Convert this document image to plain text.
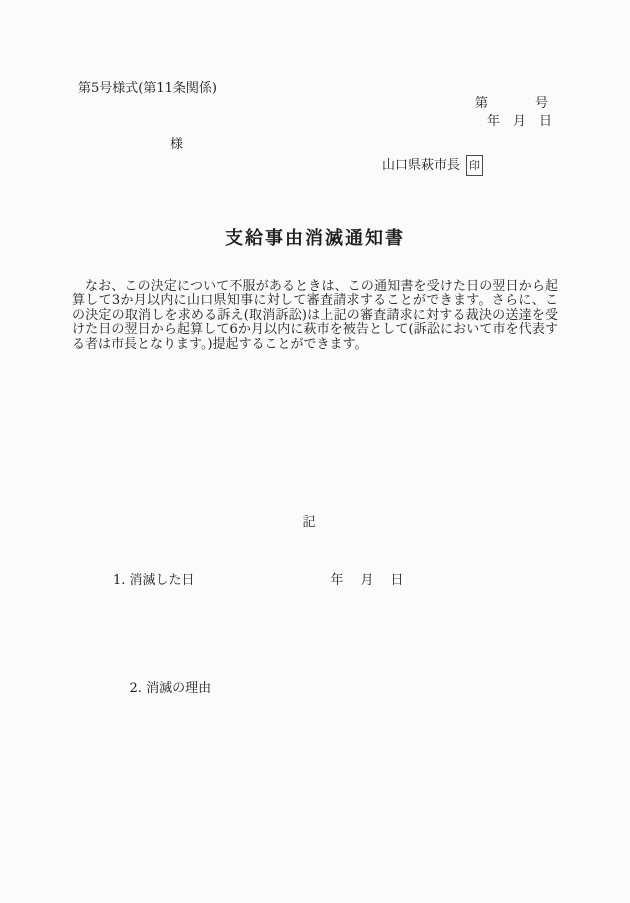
第5号様式(第11条関係)
第	号
年　月　日
様
山口県萩市長 印
支給事由消滅通知書

なお、この決定について不服があるときは、この通知書を受けた日の翌日から起算して3か月以内に山口県知事に対して審査請求することができます。さらに、この決定の取消しを求める訴え(取消訴訟)は上記の審査請求に対する裁決の送達を受けた日の翌日から起算して6か月以内に萩市を被告として(訴訟において市を代表する者は市長となります。)提起することができます。

記
1. 消滅した日	年　月　日

2. 消滅の理由
